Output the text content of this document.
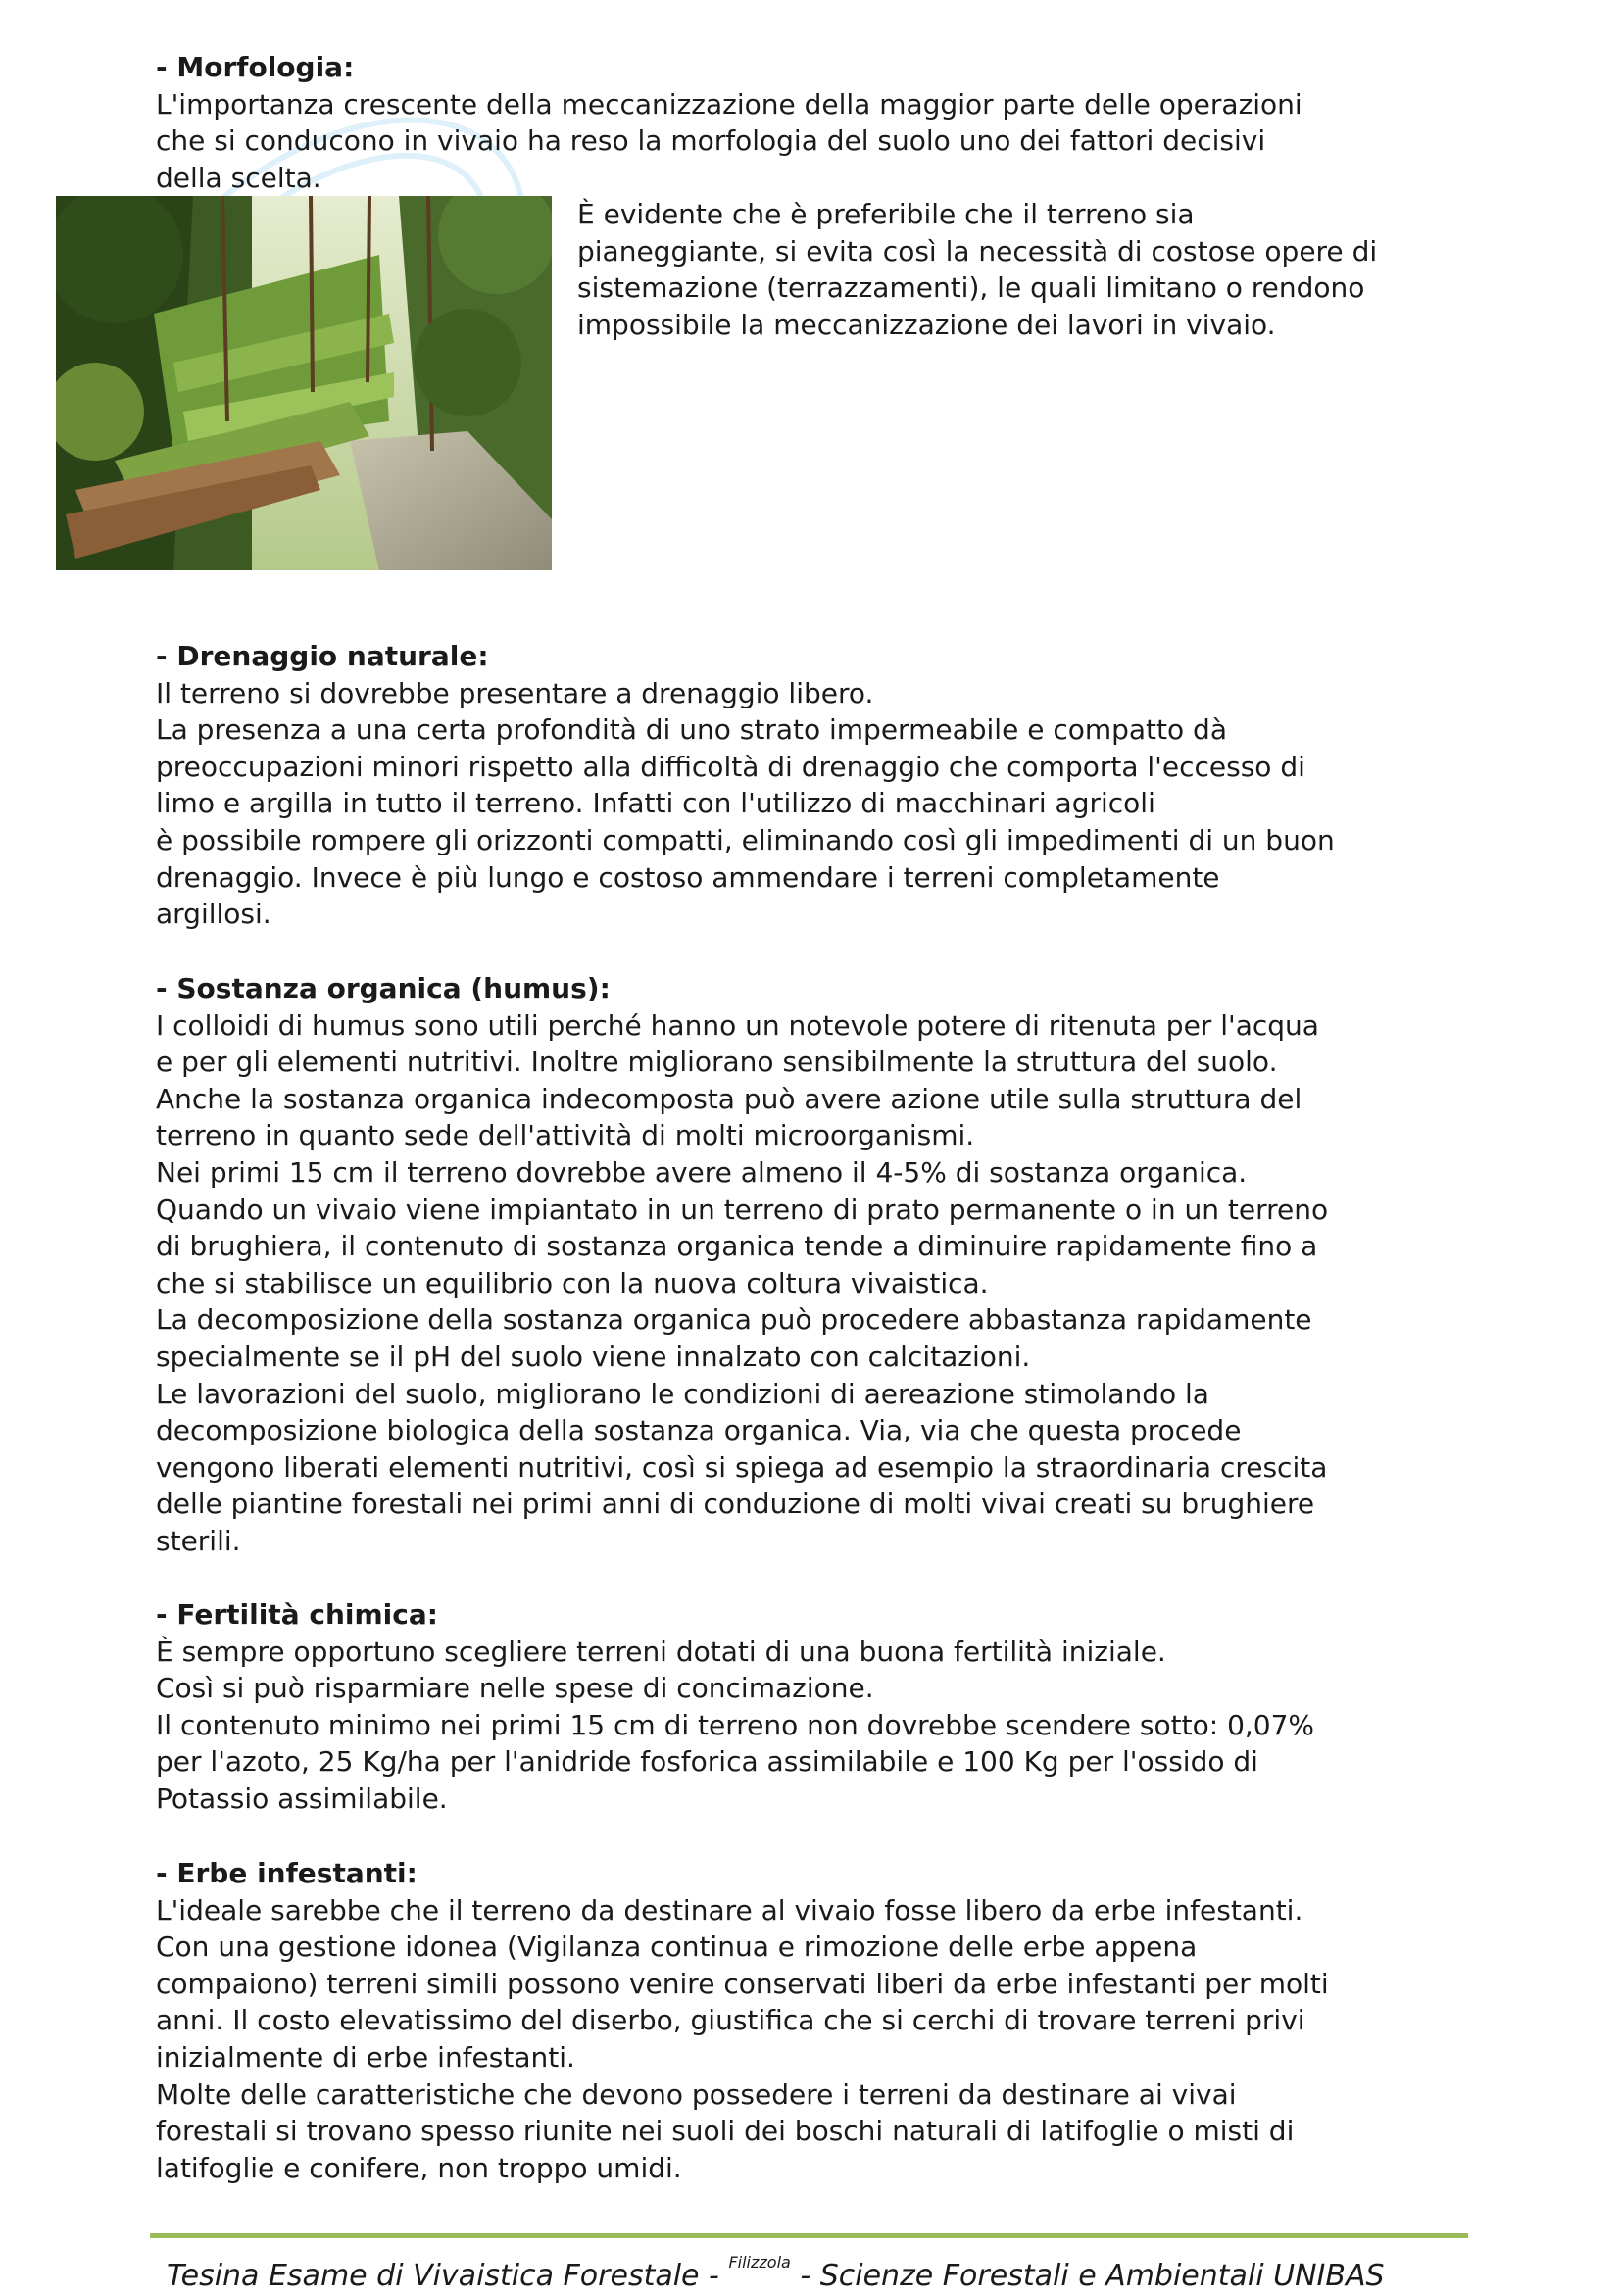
- Morfologia:
L'importanza crescente della meccanizzazione della maggior parte delle operazioni
che si conducono in vivaio ha reso la morfologia del suolo uno dei fattori decisivi
della scelta.
È evidente che è preferibile che il terreno sia
pianeggiante, si evita così la necessità di costose opere di
sistemazione (terrazzamenti), le quali limitano o rendono
impossibile la meccanizzazione dei lavori in vivaio.
- Drenaggio naturale:
Il terreno si dovrebbe presentare a drenaggio libero.
La presenza a una certa profondità di uno strato impermeabile e compatto dà
preoccupazioni minori rispetto alla difficoltà di drenaggio che comporta l'eccesso di
limo e argilla in tutto il terreno. Infatti con l'utilizzo di macchinari agricoli
è possibile rompere gli orizzonti compatti, eliminando così gli impedimenti di un buon
drenaggio. Invece è più lungo e costoso ammendare i terreni completamente
argillosi.
- Sostanza organica (humus):
I colloidi di humus sono utili perché hanno un notevole potere di ritenuta per l'acqua
e per gli elementi nutritivi. Inoltre migliorano sensibilmente la struttura del suolo.
Anche la sostanza organica indecomposta può avere azione utile sulla struttura del
terreno in quanto sede dell'attività di molti microorganismi.
Nei primi 15 cm il terreno dovrebbe avere almeno il 4-5% di sostanza organica.
Quando un vivaio viene impiantato in un terreno di prato permanente o in un terreno
di brughiera, il contenuto di sostanza organica tende a diminuire rapidamente fino a
che si stabilisce un equilibrio con la nuova coltura vivaistica.
La decomposizione della sostanza organica può procedere abbastanza rapidamente
specialmente se il pH del suolo viene innalzato con calcitazioni.
Le lavorazioni del suolo, migliorano le condizioni di aereazione stimolando la
decomposizione biologica della sostanza organica. Via, via che questa procede
vengono liberati elementi nutritivi, così si spiega ad esempio la straordinaria crescita
delle piantine forestali nei primi anni di conduzione di molti vivai creati su brughiere
sterili.
- Fertilità chimica:
È sempre opportuno scegliere terreni dotati di una buona fertilità iniziale.
Così si può risparmiare nelle spese di concimazione.
Il contenuto minimo nei primi 15 cm di terreno non dovrebbe scendere sotto: 0,07%
per l'azoto, 25 Kg/ha per l'anidride fosforica assimilabile e 100 Kg per l'ossido di
Potassio assimilabile.
- Erbe infestanti:
L'ideale sarebbe che il terreno da destinare al vivaio fosse libero da erbe infestanti.
Con una gestione idonea (Vigilanza continua e rimozione delle erbe appena
compaiono) terreni simili possono venire conservati liberi da erbe infestanti per molti
anni. Il costo elevatissimo del diserbo, giustifica che si cerchi di trovare terreni privi
inizialmente di erbe infestanti.
Molte delle caratteristiche che devono possedere i terreni da destinare ai vivai
forestali si trovano spesso riunite nei suoli dei boschi naturali di latifoglie o misti di
latifoglie e conifere, non troppo umidi.
Tesina Esame di Vivaistica Forestale - $^{Filizzola}$ - Scienze Forestali e Ambientali UNIBAS
